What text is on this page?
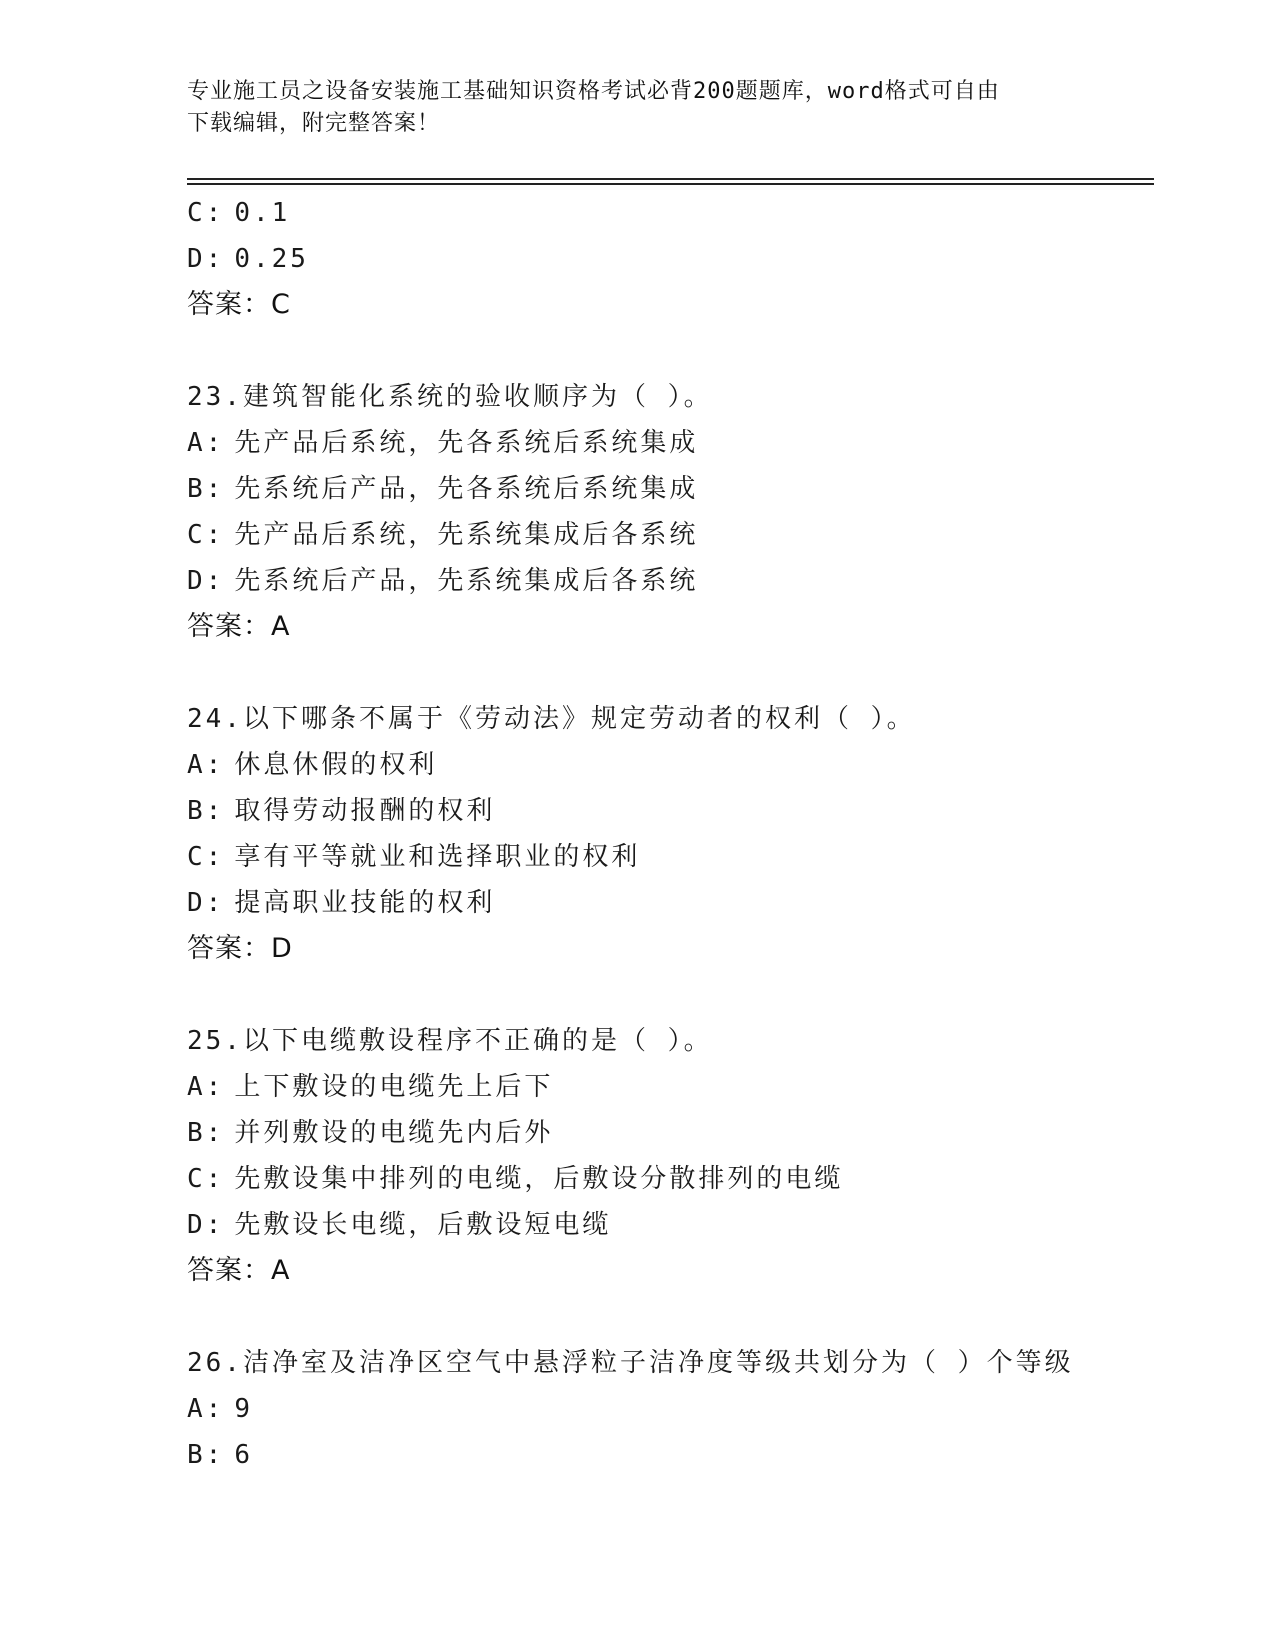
专业施工员之设备安装施工基础知识资格考试必背200题题库，word格式可自由
下载编辑，附完整答案！
C: 0.1
D: 0.25
答案：C
23.建筑智能化系统的验收顺序为（ ）。
A: 先产品后系统，先各系统后系统集成
B: 先系统后产品，先各系统后系统集成
C: 先产品后系统，先系统集成后各系统
D: 先系统后产品，先系统集成后各系统
答案：A
24.以下哪条不属于《劳动法》规定劳动者的权利（ ）。
A: 休息休假的权利
B: 取得劳动报酬的权利
C: 享有平等就业和选择职业的权利
D: 提高职业技能的权利
答案：D
25.以下电缆敷设程序不正确的是（ ）。
A: 上下敷设的电缆先上后下
B: 并列敷设的电缆先内后外
C: 先敷设集中排列的电缆，后敷设分散排列的电缆
D: 先敷设长电缆，后敷设短电缆
答案：A
26.洁净室及洁净区空气中悬浮粒子洁净度等级共划分为（ ）个等级
A: 9
B: 6
